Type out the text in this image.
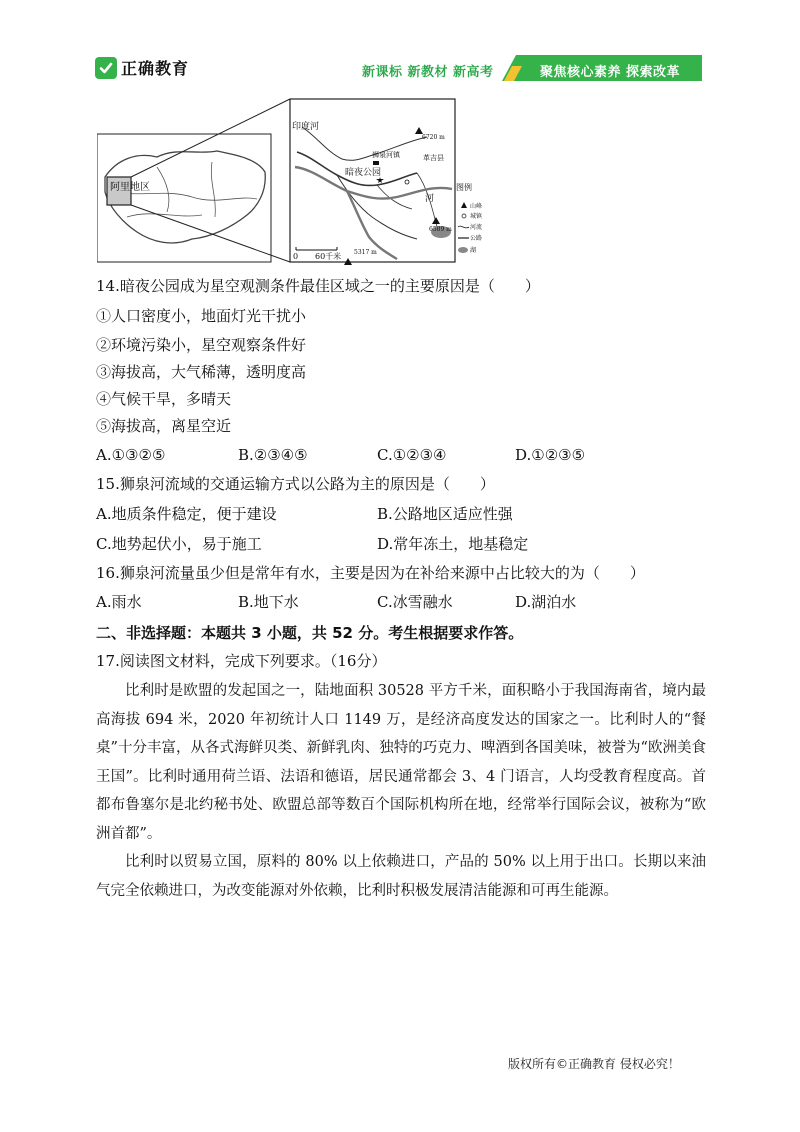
正确教育	新课标 新教材 新高考	聚焦核心素养 探索改革
阿里地区
印度河
狮泉河镇
暗夜公园
革吉县
6720 m
6509 m
5317 m
河
0 60千米
图例
山峰
城镇
河流
公路
湖
14.暗夜公园成为星空观测条件最佳区域之一的主要原因是（　　）
①人口密度小，地面灯光干扰小
②环境污染小，星空观察条件好
③海拔高，大气稀薄，透明度高
④气候干旱，多晴天
⑤海拔高，离星空近
A.①③②⑤	B.②③④⑤	C.①②③④	D.①②③⑤
15.狮泉河流域的交通运输方式以公路为主的原因是（　　）
A.地质条件稳定，便于建设	B.公路地区适应性强
C.地势起伏小，易于施工	D.常年冻土，地基稳定
16.狮泉河流量虽少但是常年有水，主要是因为在补给来源中占比较大的为（　　）
A.雨水	B.地下水	C.冰雪融水	D.湖泊水
二、非选择题：本题共 3 小题，共 52 分。考生根据要求作答。
17.阅读图文材料，完成下列要求。（16分）
比利时是欧盟的发起国之一，陆地面积 30528 平方千米，面积略小于我国海南省，境内最高海拔 694 米，2020 年初统计人口 1149 万，是经济高度发达的国家之一。比利时人的“餐桌”十分丰富，从各式海鲜贝类、新鲜乳肉、独特的巧克力、啤酒到各国美味，被誉为“欧洲美食王国”。比利时通用荷兰语、法语和德语，居民通常都会 3、4 门语言，人均受教育程度高。首都布鲁塞尔是北约秘书处、欧盟总部等数百个国际机构所在地，经常举行国际会议，被称为“欧洲首都”。
比利时以贸易立国，原料的 80% 以上依赖进口，产品的 50% 以上用于出口。长期以来油气完全依赖进口，为改变能源对外依赖，比利时积极发展清洁能源和可再生能源。
版权所有©正确教育 侵权必究！
